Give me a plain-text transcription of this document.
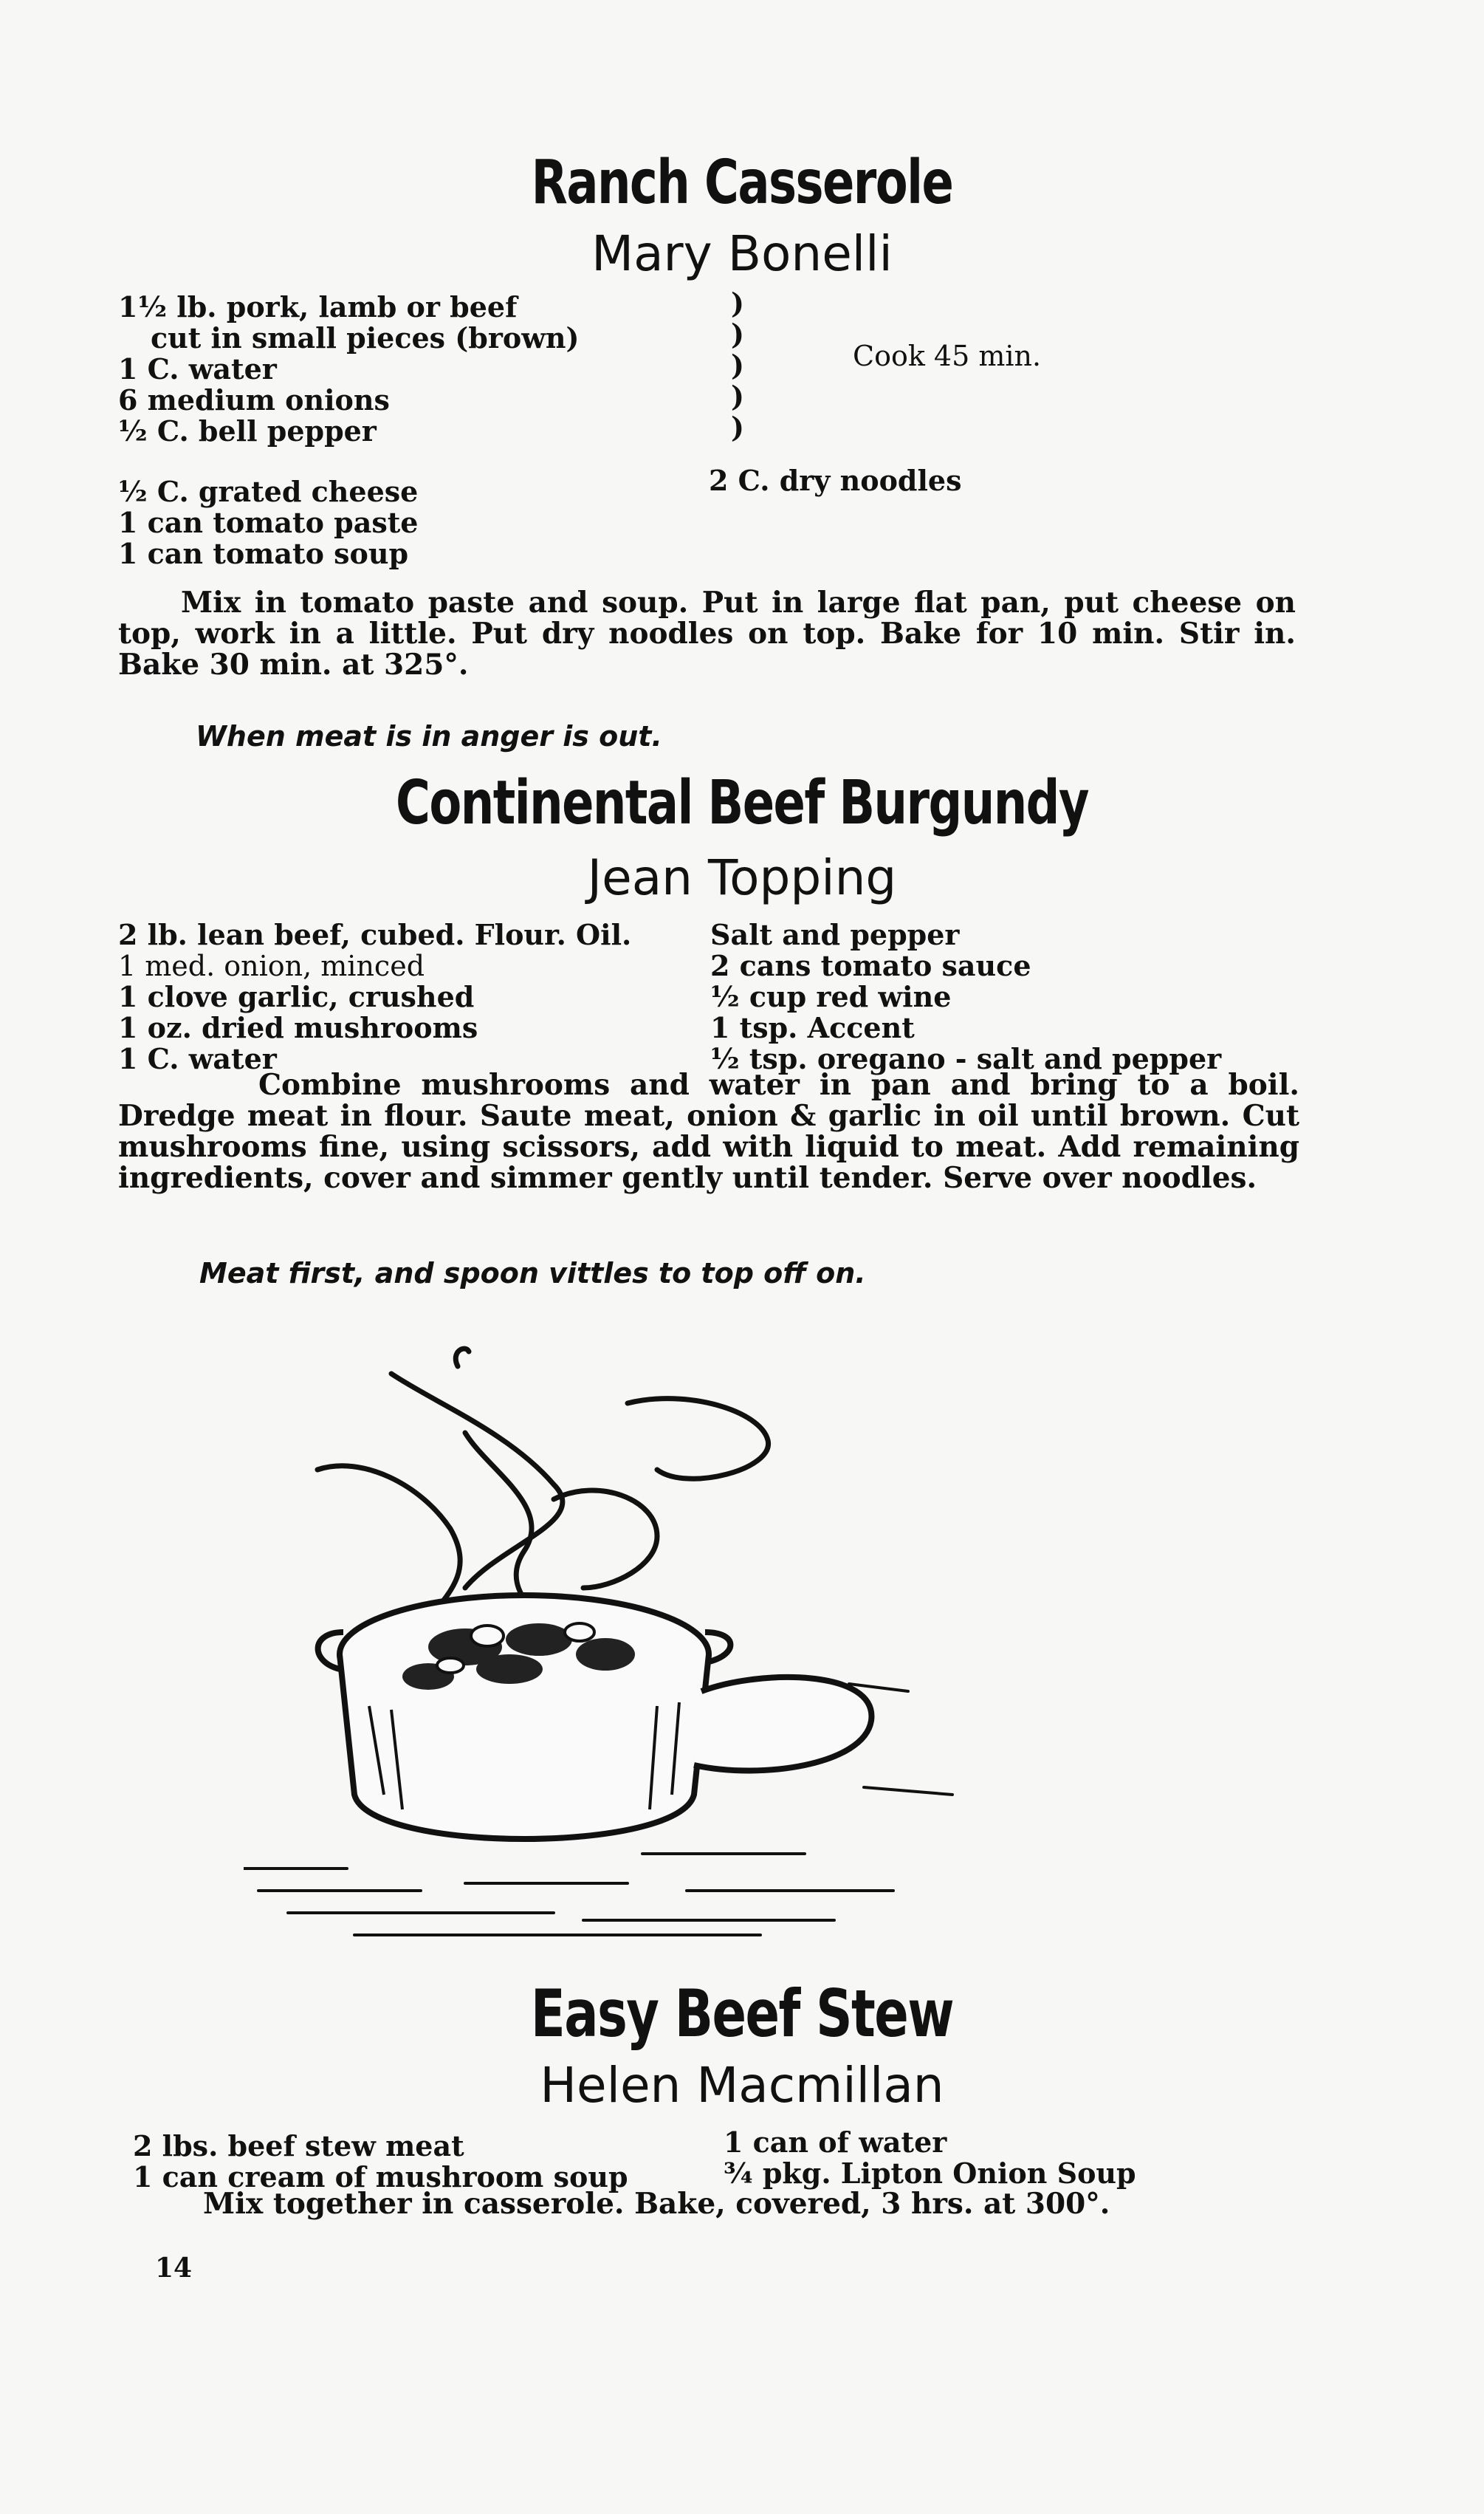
Ranch Casserole
Mary Bonelli
1½ lb. pork, lamb or beef
cut in small pieces (brown)
1 C. water
6 medium onions
½ C. bell pepper
)
)
)
)
)
Cook 45 min.
½ C. grated cheese
1 can tomato paste
1 can tomato soup
2 C. dry noodles

Mix in tomato paste and soup. Put in large flat pan, put cheese on top, work in a little. Put dry noodles on top. Bake for 10 min. Stir in. Bake 30 min. at 325°.

When meat is in anger is out.

Continental Beef Burgundy
Jean Topping
2 lb. lean beef, cubed. Flour. Oil.
1 med. onion, minced
1 clove garlic, crushed
1 oz. dried mushrooms
1 C. water
Salt and pepper
2 cans tomato sauce
½ cup red wine
1 tsp. Accent
½ tsp. oregano - salt and pepper

Combine mushrooms and water in pan and bring to a boil. Dredge meat in flour. Saute meat, onion & garlic in oil until brown. Cut mushrooms fine, using scissors, add with liquid to meat. Add remaining ingredients, cover and simmer gently until tender. Serve over noodles.

Meat first, and spoon vittles to top off on.

Easy Beef Stew
Helen Macmillan
2 lbs. beef stew meat
1 can cream of mushroom soup
1 can of water
¾ pkg. Lipton Onion Soup

Mix together in casserole. Bake, covered, 3 hrs. at 300°.

14
